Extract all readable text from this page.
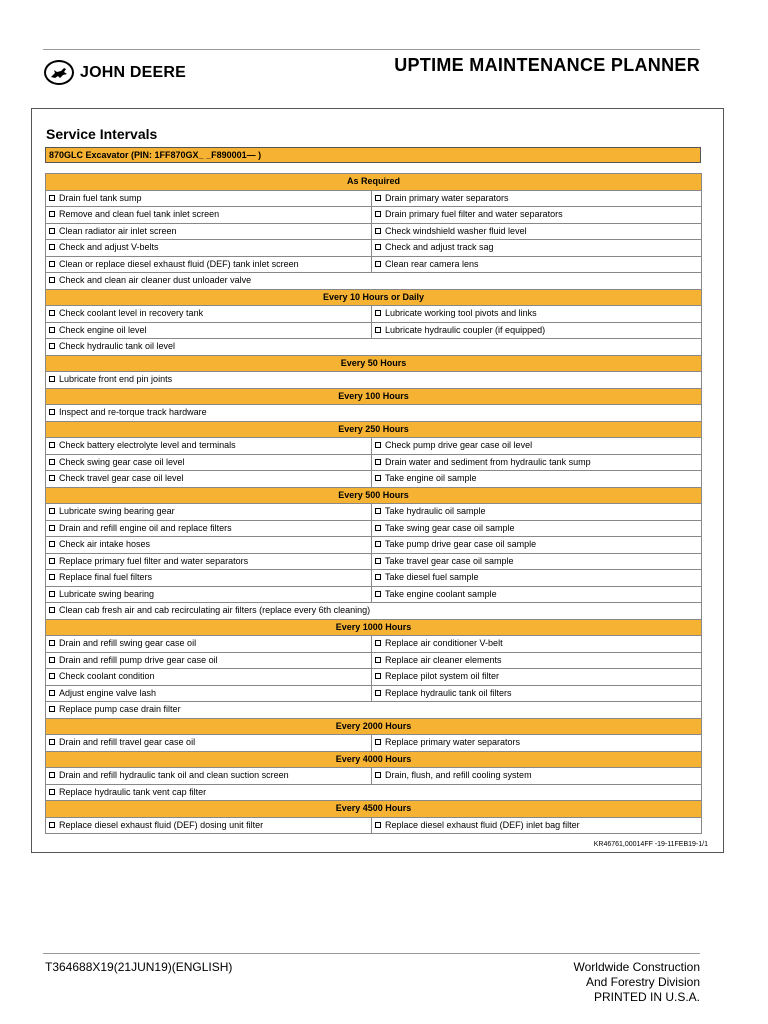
JOHN DEERE	UPTIME MAINTENANCE PLANNER
Service Intervals
870GLC Excavator (PIN: 1FF870GX_ _F890001— )
As Required	
Drain fuel tank sump	Drain primary water separators
Remove and clean fuel tank inlet screen	Drain primary fuel filter and water separators
Clean radiator air inlet screen	Check windshield washer fluid level
Check and adjust V-belts	Check and adjust track sag
Clean or replace diesel exhaust fluid (DEF) tank inlet screen	Clean rear camera lens
Check and clean air cleaner dust unloader valve	
Every 10 Hours or Daily	
Check coolant level in recovery tank	Lubricate working tool pivots and links
Check engine oil level	Lubricate hydraulic coupler (if equipped)
Check hydraulic tank oil level	
Every 50 Hours	
Lubricate front end pin joints	
Every 100 Hours	
Inspect and re-torque track hardware	
Every 250 Hours	
Check battery electrolyte level and terminals	Check pump drive gear case oil level
Check swing gear case oil level	Drain water and sediment from hydraulic tank sump
Check travel gear case oil level	Take engine oil sample
Every 500 Hours	
Lubricate swing bearing gear	Take hydraulic oil sample
Drain and refill engine oil and replace filters	Take swing gear case oil sample
Check air intake hoses	Take pump drive gear case oil sample
Replace primary fuel filter and water separators	Take travel gear case oil sample
Replace final fuel filters	Take diesel fuel sample
Lubricate swing bearing	Take engine coolant sample
Clean cab fresh air and cab recirculating air filters (replace every 6th cleaning)	
Every 1000 Hours	
Drain and refill swing gear case oil	Replace air conditioner V-belt
Drain and refill pump drive gear case oil	Replace air cleaner elements
Check coolant condition	Replace pilot system oil filter
Adjust engine valve lash	Replace hydraulic tank oil filters
Replace pump case drain filter	
Every 2000 Hours	
Drain and refill travel gear case oil	Replace primary water separators
Every 4000 Hours	
Drain and refill hydraulic tank oil and clean suction screen	Drain, flush, and refill cooling system
Replace hydraulic tank vent cap filter	
Every 4500 Hours	
Replace diesel exhaust fluid (DEF) dosing unit filter	Replace diesel exhaust fluid (DEF) inlet bag filter
KR46761,00014FF -19-11FEB19-1/1
T364688X19(21JUN19)(ENGLISH)	Worldwide Construction
And Forestry Division
PRINTED IN U.S.A.
